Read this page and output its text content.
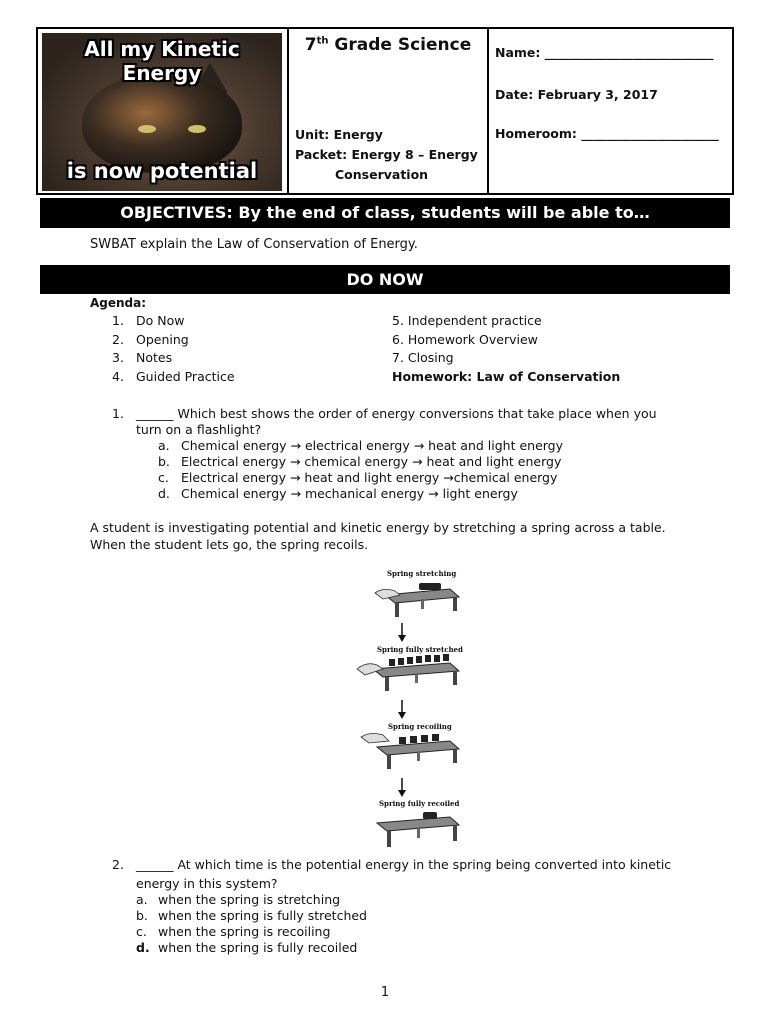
All my Kinetic Energy
is now potential
7th Grade Science
Unit: Energy
Packet: Energy 8 – Energy
Conservation
Name: ___________________________
Date: February 3, 2017
Homeroom: ______________________
OBJECTIVES: By the end of class, students will be able to…
SWBAT explain the Law of Conservation of Energy.
DO NOW
Agenda:
1. Do Now
2. Opening
3. Notes
4. Guided Practice
5. Independent practice
6. Homework Overview
7. Closing
Homework: Law of Conservation
1. ______ Which best shows the order of energy conversions that take place when you turn on a flashlight?
a. Chemical energy → electrical energy → heat and light energy
b. Electrical energy → chemical energy → heat and light energy
c. Electrical energy → heat and light energy →chemical energy
d. Chemical energy → mechanical energy → light energy
A student is investigating potential and kinetic energy by stretching a spring across a table. When the student lets go, the spring recoils.
Spring stretching
Spring fully stretched
Spring recoiling
Spring fully recoiled
2. ______ At which time is the potential energy in the spring being converted into kinetic energy in this system?
a. when the spring is stretching
b. when the spring is fully stretched
c. when the spring is recoiling
d. when the spring is fully recoiled
1
